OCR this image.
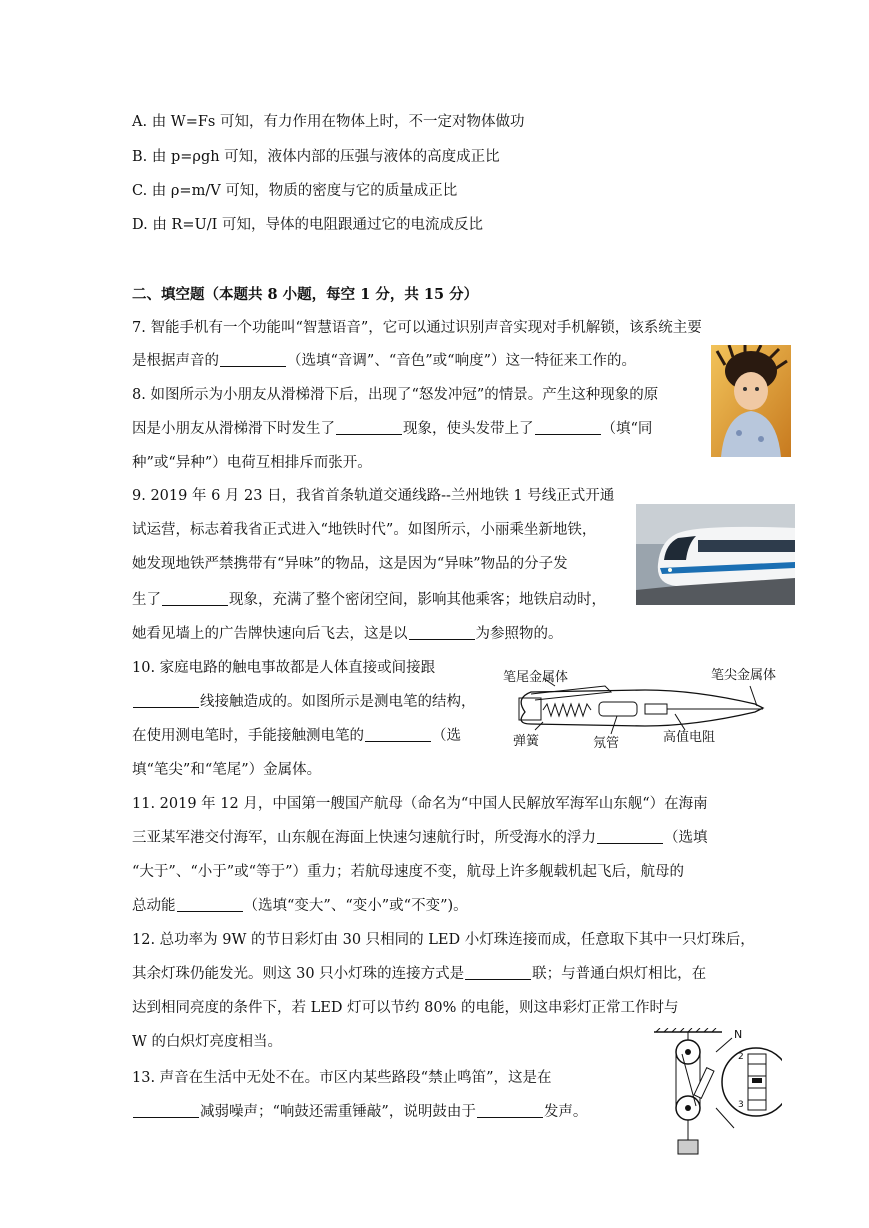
A. 由 W=Fs 可知，有力作用在物体上时，不一定对物体做功
B. 由 p=ρgh 可知，液体内部的压强与液体的高度成正比
C. 由 ρ=m/V 可知，物质的密度与它的质量成正比
D. 由 R=U/I 可知，导体的电阻跟通过它的电流成反比
二、填空题（本题共 8 小题，每空 1 分，共 15 分）
7. 智能手机有一个功能叫“智慧语音”，它可以通过识别声音实现对手机解锁，该系统主要
是根据声音的	（选填“音调”、“音色”或“响度”）这一特征来工作的。
8. 如图所示为小朋友从滑梯滑下后，出现了“怒发冲冠”的情景。产生这种现象的原
因是小朋友从滑梯滑下时发生了	现象，使头发带上了	（填“同
种”或“异种”）电荷互相排斥而张开。
9. 2019 年 6 月 23 日，我省首条轨道交通线路--兰州地铁 1 号线正式开通
试运营，标志着我省正式进入“地铁时代”。如图所示，小丽乘坐新地铁，
她发现地铁严禁携带有“异味”的物品，这是因为“异味”物品的分子发
生了	现象，充满了整个密闭空间，影响其他乘客；地铁启动时，
她看见墙上的广告牌快速向后飞去，这是以	为参照物的。
10. 家庭电路的触电事故都是人体直接或间接跟
线接触造成的。如图所示是测电笔的结构，
在使用测电笔时，手能接触测电笔的	（选
填“笔尖”和“笔尾”）金属体。
笔尾金属体	笔尖金属体
弹簧	氖管	高值电阻
11. 2019 年 12 月，中国第一艘国产航母（命名为“中国人民解放军海军山东舰“）在海南
三亚某军港交付海军，山东舰在海面上快速匀速航行时，所受海水的浮力	（选填
“大于”、“小于”或“等于”）重力；若航母速度不变，航母上许多舰载机起飞后，航母的
总动能	（选填“变大”、“变小”或“不变”)。
12. 总功率为 9W 的节日彩灯由 30 只相同的 LED 小灯珠连接而成，任意取下其中一只灯珠后，
其余灯珠仍能发光。则这 30 只小灯珠的连接方式是	联；与普通白炽灯相比，在
达到相同亮度的条件下，若 LED 灯可以节约 80% 的电能，则这串彩灯正常工作时与
W 的白炽灯亮度相当。
13. 声音在生活中无处不在。市区内某些路段“禁止鸣笛”，这是在
减弱噪声；“响鼓还需重锤敲”，说明鼓由于	发声。
N
2
3
